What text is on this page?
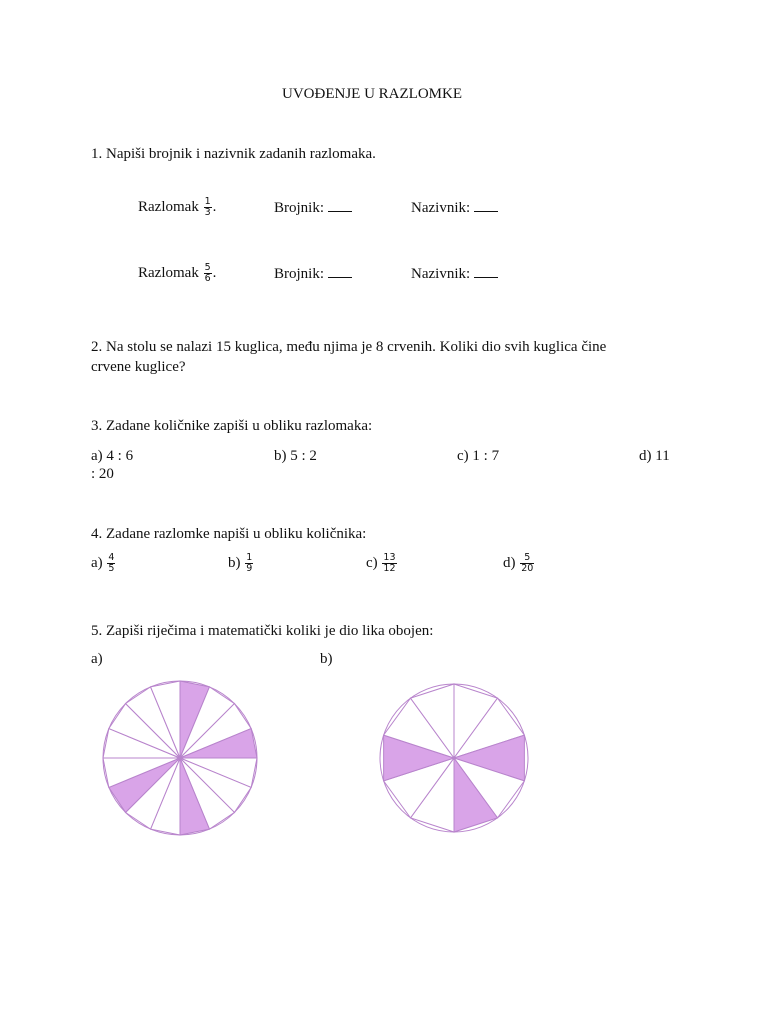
UVOĐENJE U RAZLOMKE
1. Napiši brojnik i nazivnik zadanih razlomaka.
Razlomak $\frac{1}{3}$ .	Brojnik:	Nazivnik:
Razlomak $\frac{5}{6}$ .	Brojnik:	Nazivnik:
2. Na stolu se nalazi 15 kuglica, među njima je 8 crvenih. Koliki dio svih kuglica čine
crvene kuglice?
3. Zadane količnike zapiši u obliku razlomaka:
a) 4 : 6	b) 5 : 2	c) 1 : 7	d) 11
: 20
4. Zadane razlomke napiši u obliku količnika:
$a) \frac{4}{5}$	$b) \frac{1}{9}$	$c) \frac{13}{12}$	$d) \frac{5}{20}$
5. Zapiši riječima i matematički koliki je dio lika obojen:
a)	b)
